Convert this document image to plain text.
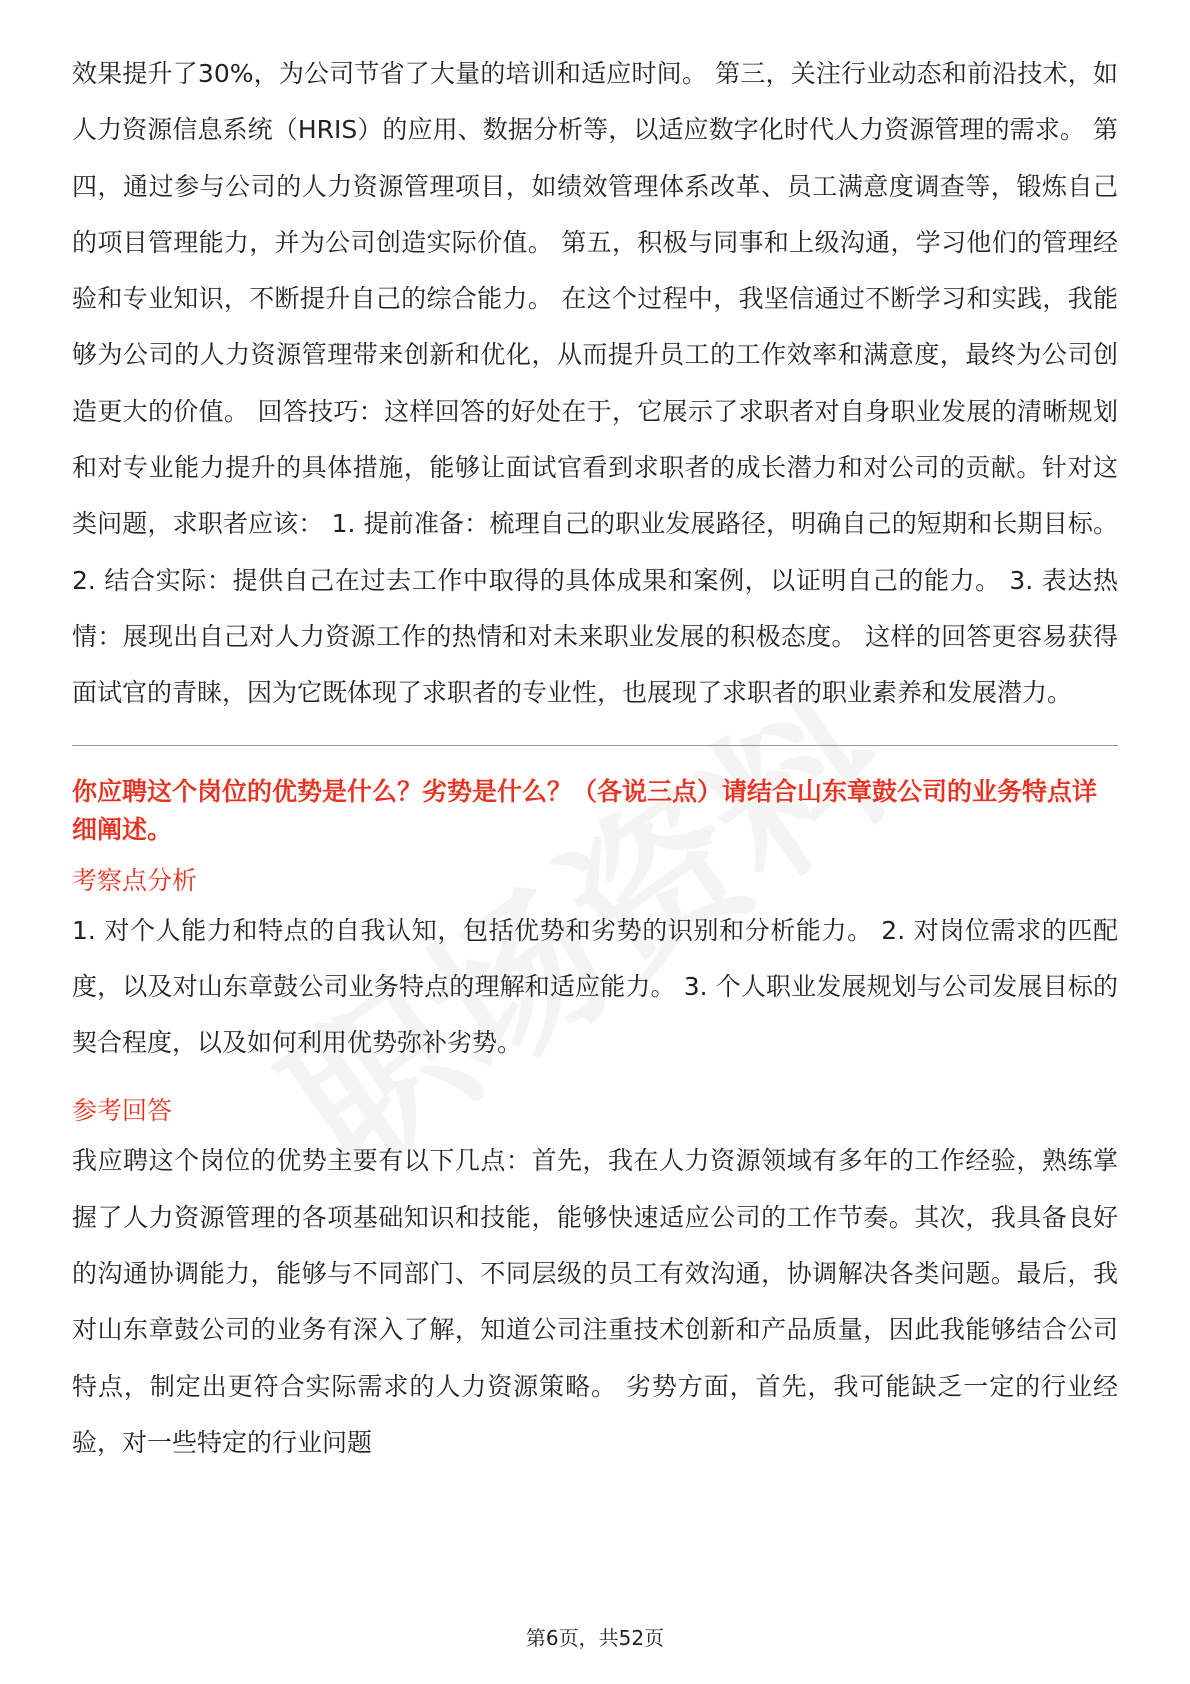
效果提升了30%，为公司节省了大量的培训和适应时间。 第三，关注行业动态和前沿技术，如人力资源信息系统（HRIS）的应用、数据分析等，以适应数字化时代人力资源管理的需求。 第四，通过参与公司的人力资源管理项目，如绩效管理体系改革、员工满意度调查等，锻炼自己的项目管理能力，并为公司创造实际价值。 第五，积极与同事和上级沟通，学习他们的管理经验和专业知识，不断提升自己的综合能力。 在这个过程中，我坚信通过不断学习和实践，我能够为公司的人力资源管理带来创新和优化，从而提升员工的工作效率和满意度，最终为公司创造更大的价值。 回答技巧：这样回答的好处在于，它展示了求职者对自身职业发展的清晰规划和对专业能力提升的具体措施，能够让面试官看到求职者的成长潜力和对公司的贡献。针对这类问题，求职者应该： 1. 提前准备：梳理自己的职业发展路径，明确自己的短期和长期目标。 2. 结合实际：提供自己在过去工作中取得的具体成果和案例，以证明自己的能力。 3. 表达热情：展现出自己对人力资源工作的热情和对未来职业发展的积极态度。 这样的回答更容易获得面试官的青睐，因为它既体现了求职者的专业性，也展现了求职者的职业素养和发展潜力。

你应聘这个岗位的优势是什么？劣势是什么？（各说三点）请结合山东章鼓公司的业务特点详细阐述。

考察点分析

1. 对个人能力和特点的自我认知，包括优势和劣势的识别和分析能力。 2. 对岗位需求的匹配度，以及对山东章鼓公司业务特点的理解和适应能力。 3. 个人职业发展规划与公司发展目标的契合程度，以及如何利用优势弥补劣势。

参考回答

我应聘这个岗位的优势主要有以下几点：首先，我在人力资源领域有多年的工作经验，熟练掌握了人力资源管理的各项基础知识和技能，能够快速适应公司的工作节奏。其次，我具备良好的沟通协调能力，能够与不同部门、不同层级的员工有效沟通，协调解决各类问题。最后，我对山东章鼓公司的业务有深入了解，知道公司注重技术创新和产品质量，因此我能够结合公司特点，制定出更符合实际需求的人力资源策略。 劣势方面，首先，我可能缺乏一定的行业经验，对一些特定的行业问题

第6页，共52页
